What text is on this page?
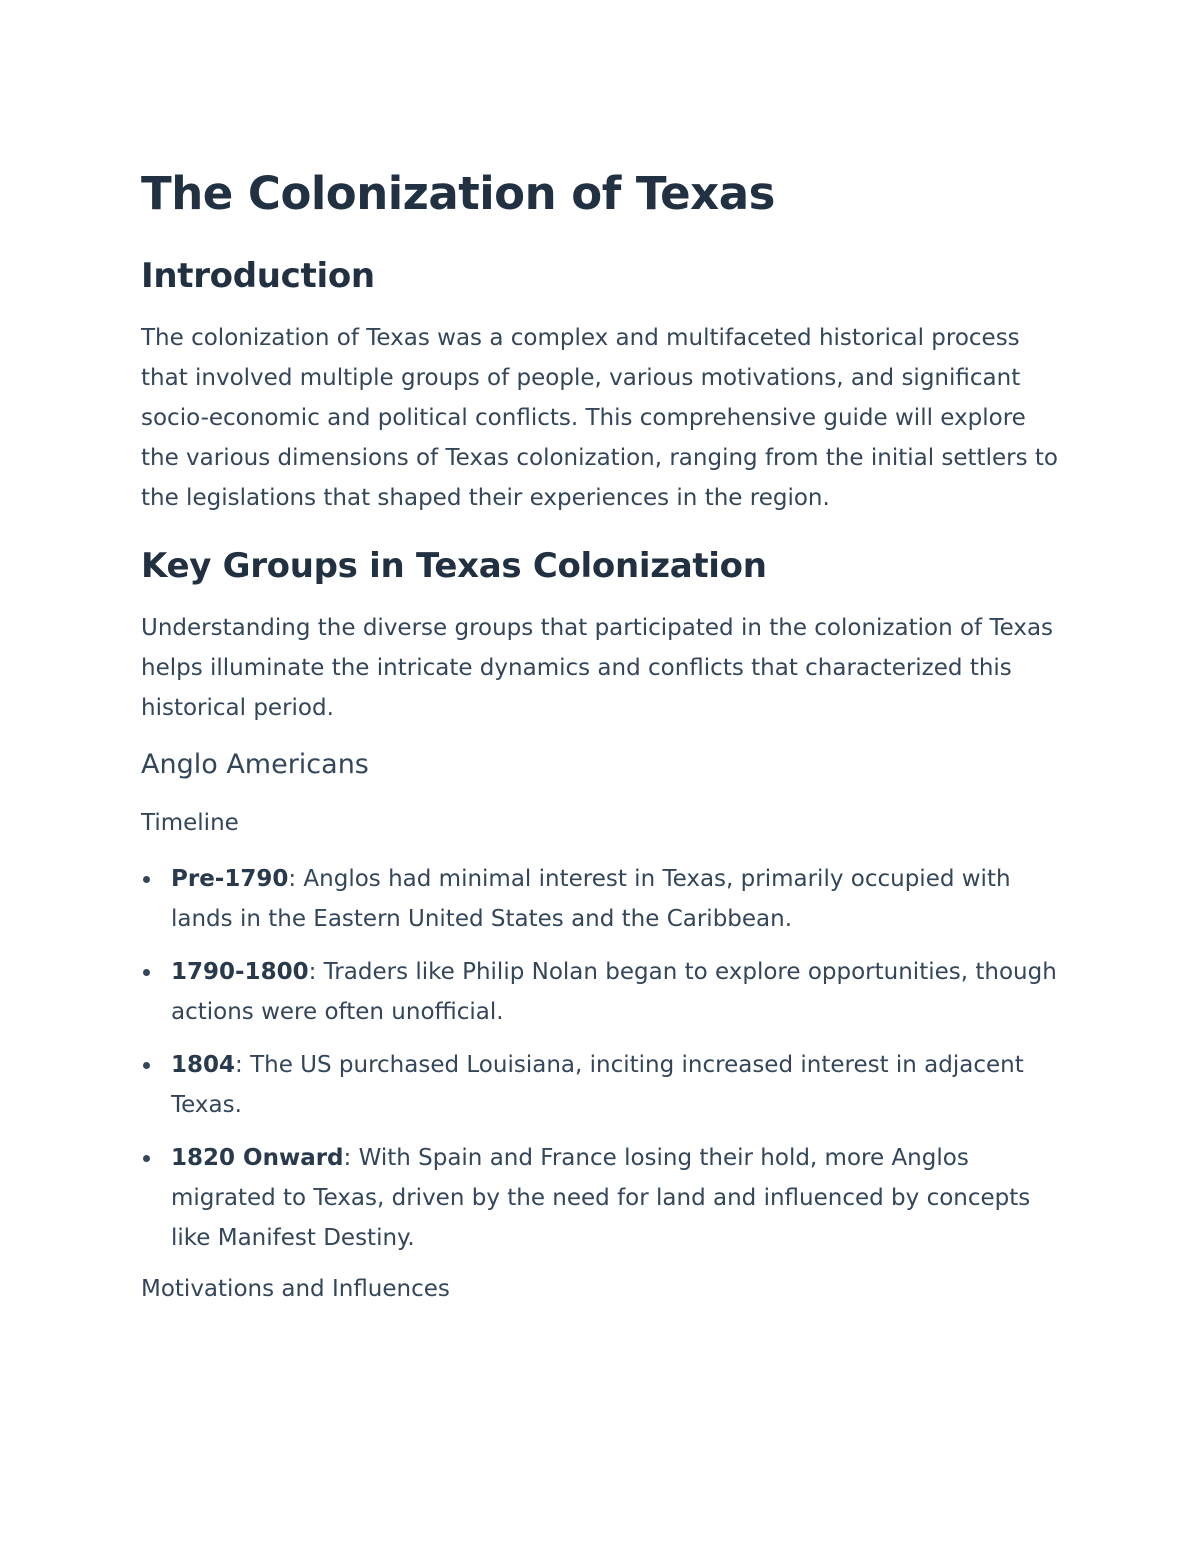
The Colonization of Texas
Introduction

The colonization of Texas was a complex and multifaceted historical process that involved multiple groups of people, various motivations, and significant socio-economic and political conflicts. This comprehensive guide will explore the various dimensions of Texas colonization, ranging from the initial settlers to the legislations that shaped their experiences in the region.

Key Groups in Texas Colonization

Understanding the diverse groups that participated in the colonization of Texas helps illuminate the intricate dynamics and conflicts that characterized this historical period.

Anglo Americans
Timeline
Pre-1790: Anglos had minimal interest in Texas, primarily occupied with lands in the Eastern United States and the Caribbean.
1790-1800: Traders like Philip Nolan began to explore opportunities, though actions were often unofficial.
1804: The US purchased Louisiana, inciting increased interest in adjacent Texas.
1820 Onward: With Spain and France losing their hold, more Anglos migrated to Texas, driven by the need for land and influenced by concepts like Manifest Destiny.
Motivations and Influences
